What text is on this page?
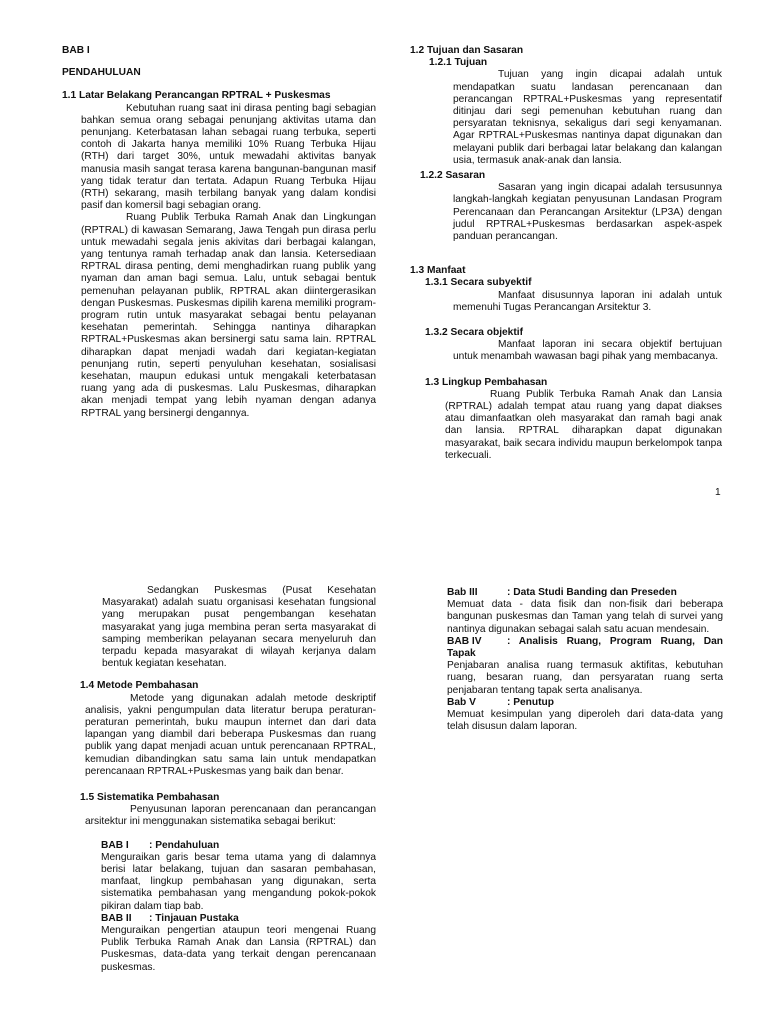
BAB I

PENDAHULUAN

1.1 Latar Belakang Perancangan RPTRAL + Puskesmas

Kebutuhan ruang saat ini dirasa penting bagi sebagian bahkan semua orang sebagai penunjang aktivitas utama dan penunjang. Keterbatasan lahan sebagai ruang terbuka, seperti contoh di Jakarta hanya memiliki 10% Ruang Terbuka Hijau (RTH) dari target 30%, untuk mewadahi aktivitas banyak manusia masih sangat terasa karena bangunan-bangunan masif yang tidak teratur dan tertata. Adapun Ruang Terbuka Hijau (RTH) sekarang, masih terbilang banyak yang dalam kondisi pasif dan komersil bagi sebagian orang.

Ruang Publik Terbuka Ramah Anak dan Lingkungan (RPTRAL) di kawasan Semarang, Jawa Tengah pun dirasa perlu untuk mewadahi segala jenis akivitas dari berbagai kalangan, yang tentunya ramah terhadap anak dan lansia. Ketersediaan RPTRAL dirasa penting, demi menghadirkan ruang publik yang nyaman dan aman bagi semua. Lalu, untuk sebagai bentuk pemenuhan pelayanan publik, RPTRAL akan diintergerasikan dengan Puskesmas. Puskesmas dipilih karena memiliki program-program rutin untuk masyarakat sebagai bentu pelayanan kesehatan pemerintah. Sehingga nantinya diharapkan RPTRAL+Puskesmas akan bersinergi satu sama lain. RPTRAL diharapkan dapat menjadi wadah dari kegiatan-kegiatan penunjang rutin, seperti penyuluhan kesehatan, sosialisasi kesehatan, maupun edukasi untuk mengakali keterbatasan ruang yang ada di puskesmas. Lalu Puskesmas, diharapkan akan menjadi tempat yang lebih nyaman dengan adanya RPTRAL yang bersinergi dengannya.

1.2 Tujuan dan Sasaran

1.2.1 Tujuan

Tujuan yang ingin dicapai adalah untuk mendapatkan suatu landasan perencanaan dan perancangan RPTRAL+Puskesmas yang representatif ditinjau dari segi pemenuhan kebutuhan ruang dan persyaratan teknisnya, sekaligus dari segi kenyamanan. Agar RPTRAL+Puskesmas nantinya dapat digunakan dan melayani publik dari berbagai latar belakang dan kalangan usia, termasuk anak-anak dan lansia.

1.2.2 Sasaran

Sasaran yang ingin dicapai adalah tersusunnya langkah-langkah kegiatan penyusunan Landasan Program Perencanaan dan Perancangan Arsitektur (LP3A) dengan judul RPTRAL+Puskesmas berdasarkan aspek-aspek panduan perancangan.

1.3 Manfaat

1.3.1 Secara subyektif

Manfaat disusunnya laporan ini adalah untuk memenuhi Tugas Perancangan Arsitektur 3.

1.3.2 Secara objektif

Manfaat laporan ini secara objektif bertujuan untuk menambah wawasan bagi pihak yang membacanya.

1.3 Lingkup Pembahasan

Ruang Publik Terbuka Ramah Anak dan Lansia (RPTRAL) adalah tempat atau ruang yang dapat diakses atau dimanfaatkan oleh masyarakat dan ramah bagi anak dan lansia. RPTRAL diharapkan dapat digunakan masyarakat, baik secara individu maupun berkelompok tanpa terkecuali.

1

Sedangkan Puskesmas (Pusat Kesehatan Masyarakat) adalah suatu organisasi kesehatan fungsional yang merupakan pusat pengembangan kesehatan masyarakat yang juga membina peran serta masyarakat di samping memberikan pelayanan secara menyeluruh dan terpadu kepada masyarakat di wilayah kerjanya dalam bentuk kegiatan kesehatan.

1.4 Metode Pembahasan

Metode yang digunakan adalah metode deskriptif analisis, yakni pengumpulan data literatur berupa peraturan-peraturan pemerintah, buku maupun internet dan dari data lapangan yang diambil dari beberapa Puskesmas dan ruang publik yang dapat menjadi acuan untuk perencanaan RPTRAL, kemudian dibandingkan satu sama lain untuk mendapatkan perencanaan RPTRAL+Puskesmas yang baik dan benar.

1.5 Sistematika Pembahasan

Penyusunan laporan perencanaan dan perancangan arsitektur ini menggunakan sistematika sebagai berikut:

BAB I : Pendahuluan

Menguraikan garis besar tema utama yang di dalamnya berisi latar belakang, tujuan dan sasaran pembahasan, manfaat, lingkup pembahasan yang digunakan, serta sistematika pembahasan yang mengandung pokok-pokok pikiran dalam tiap bab.

BAB II : Tinjauan Pustaka

Menguraikan pengertian ataupun teori mengenai Ruang Publik Terbuka Ramah Anak dan Lansia (RPTRAL) dan Puskesmas, data-data yang terkait dengan perencanaan puskesmas.

Bab III	: Data Studi Banding dan Preseden

Memuat data - data fisik dan non-fisik dari beberapa bangunan puskesmas dan Taman yang telah di survei yang nantinya digunakan sebagai salah satu acuan mendesain.

BAB IV : Analisis Ruang, Program Ruang, Dan Tapak

Penjabaran analisa ruang termasuk aktifitas, kebutuhan ruang, besaran ruang, dan persyaratan ruang serta penjabaran tentang tapak serta analisanya.

Bab V	: Penutup

Memuat kesimpulan yang diperoleh dari data-data yang telah disusun dalam laporan.
